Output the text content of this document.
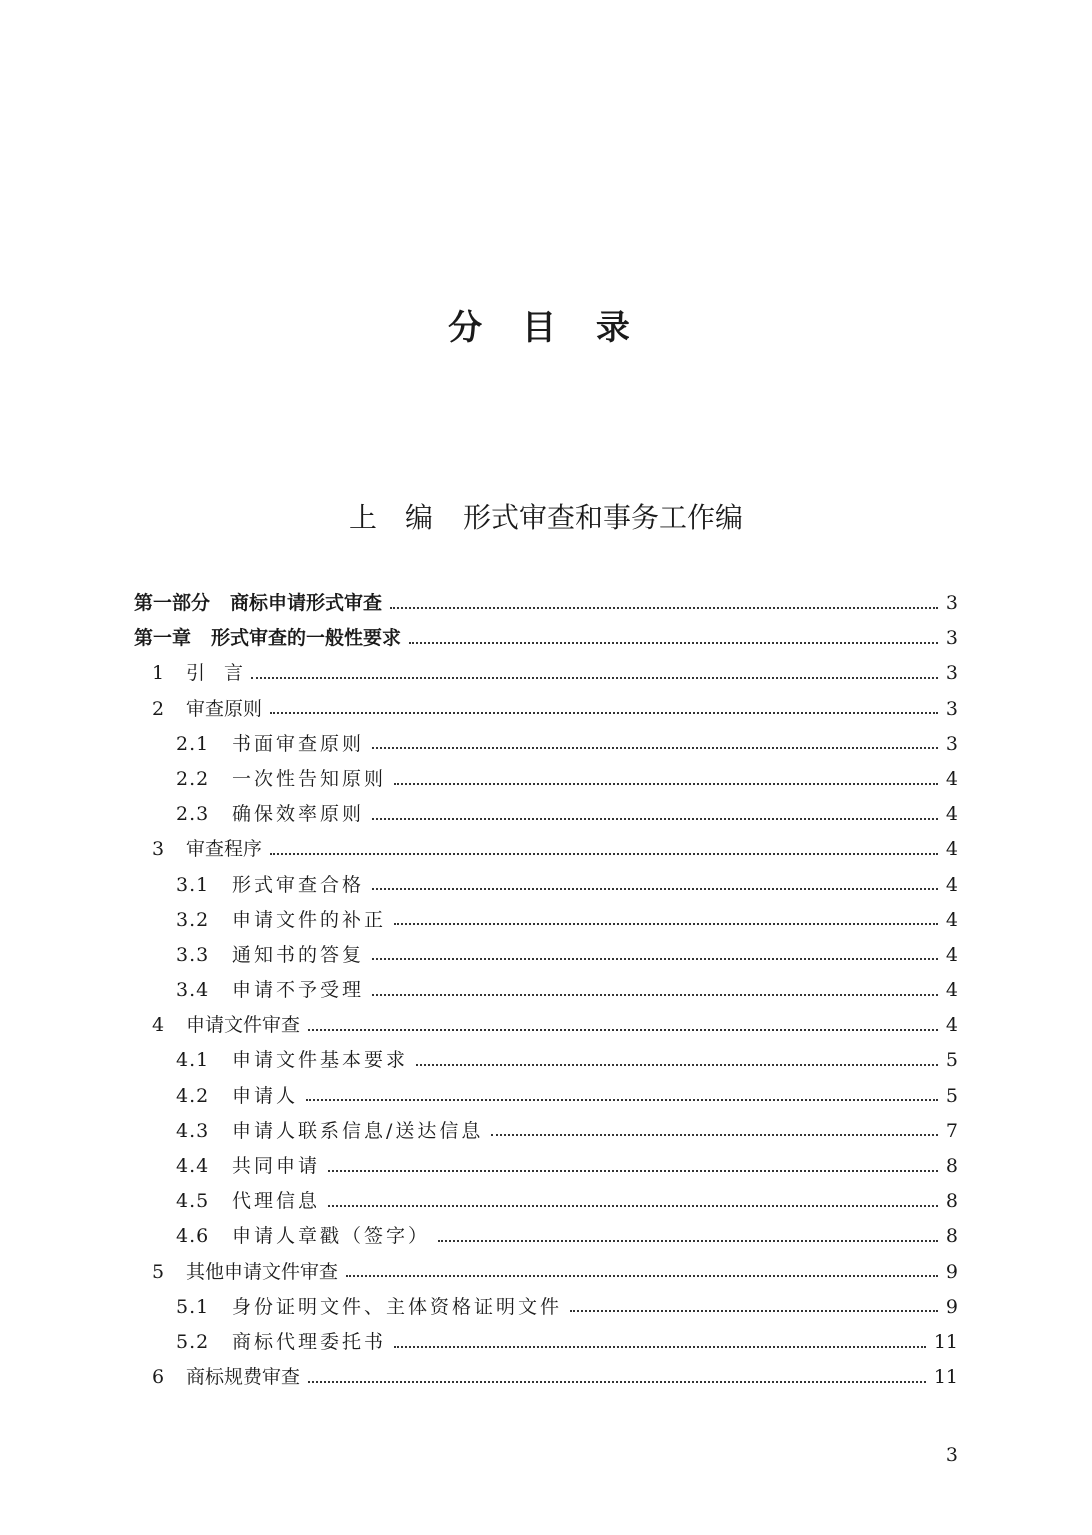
分 目 录
上 编 形式审查和事务工作编
第一部分 商标申请形式审查	3
第一章 形式审查的一般性要求	3
1	引　言	3
2	审查原则	3
2.1	书面审查原则	3
2.2	一次性告知原则	4
2.3	确保效率原则	4
3	审查程序	4
3.1	形式审查合格	4
3.2	申请文件的补正	4
3.3	通知书的答复	4
3.4	申请不予受理	4
4	申请文件审查	4
4.1	申请文件基本要求	5
4.2	申请人	5
4.3	申请人联系信息/送达信息	7
4.4	共同申请	8
4.5	代理信息	8
4.6	申请人章戳（签字）	8
5	其他申请文件审查	9
5.1	身份证明文件、主体资格证明文件	9
5.2	商标代理委托书	11
6	商标规费审查	11
3
